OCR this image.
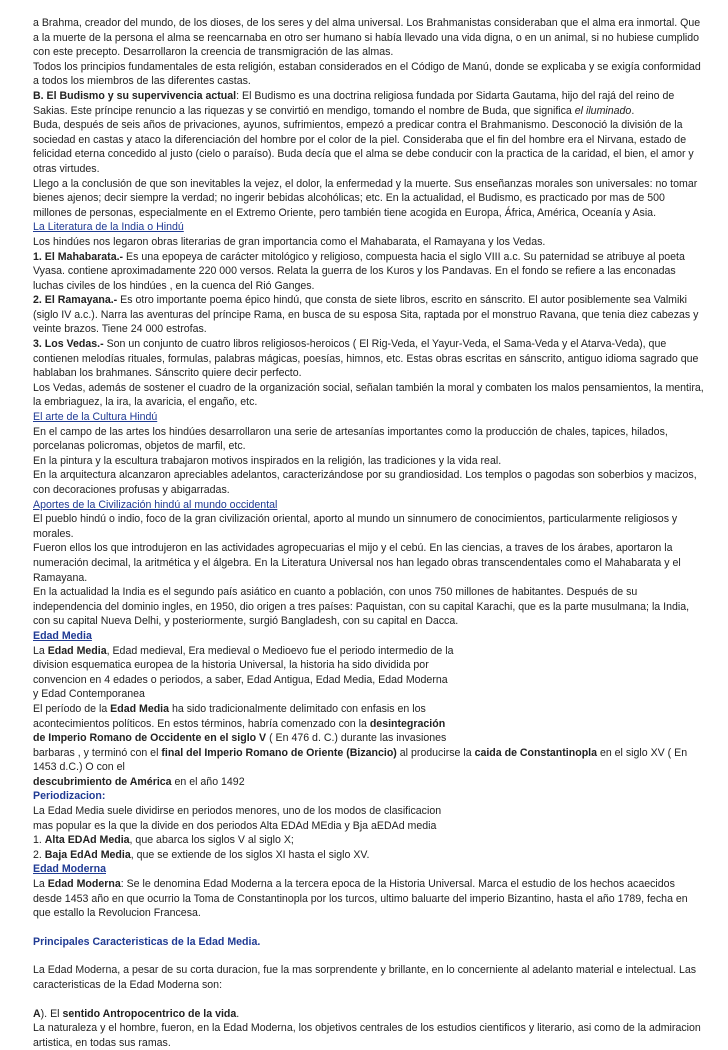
a Brahma, creador del mundo, de los dioses, de los seres y del alma universal. Los Brahmanistas consideraban que el alma era inmortal. Que a la muerte de la persona el alma se reencarnaba en otro ser humano si había llevado una vida digna, o en un animal, si no hubiese cumplido con este precepto. Desarrollaron la creencia de transmigración de las almas.

Todos los principios fundamentales de esta religión, estaban considerados en el Código de Manú, donde se explicaba y se exigía conformidad a todos los miembros de las diferentes castas.

B. El Budismo y su supervivencia actual: El Budismo es una doctrina religiosa fundada por Sidarta Gautama, hijo del rajá del reino de Sakias. Este príncipe renuncio a las riquezas y se convirtió en mendigo, tomando el nombre de Buda, que significa el iluminado.

Buda, después de seis años de privaciones, ayunos, sufrimientos, empezó a predicar contra el Brahmanismo. Desconoció la división de la sociedad en castas y ataco la diferenciación del hombre por el color de la piel. Consideraba que el fin del hombre era el Nirvana, estado de felicidad eterna concedido al justo (cielo o paraíso). Buda decía que el alma se debe conducir con la practica de la caridad, el bien, el amor y otras virtudes.

Llego a la conclusión de que son inevitables la vejez, el dolor, la enfermedad y la muerte. Sus enseñanzas morales son universales: no tomar bienes ajenos; decir siempre la verdad; no ingerir bebidas alcohólicas; etc. En la actualidad, el Budismo, es practicado por mas de 500 millones de personas, especialmente en el Extremo Oriente, pero también tiene acogida en Europa, África, América, Oceanía y Asia.

La Literatura de la India o Hindú

Los hindúes nos legaron obras literarias de gran importancia como el Mahabarata, el Ramayana y los Vedas.

1. El Mahabarata.- Es una epopeya de carácter mitológico y religioso, compuesta hacia el siglo VIII a.c. Su paternidad se atribuye al poeta Vyasa. contiene aproximadamente 220 000 versos. Relata la guerra de los Kuros y los Pandavas. En el fondo se refiere a las enconadas luchas civiles de los hindúes , en la cuenca del Rió Ganges.

2. El Ramayana.- Es otro importante poema épico hindú, que consta de siete libros, escrito en sánscrito. El autor posiblemente sea Valmiki (siglo IV a.c.). Narra las aventuras del príncipe Rama, en busca de su esposa Sita, raptada por el monstruo Ravana, que tenia diez cabezas y veinte brazos. Tiene 24 000 estrofas.

3. Los Vedas.- Son un conjunto de cuatro libros religiosos-heroicos ( El Rig-Veda, el Yayur-Veda, el Sama-Veda y el Atarva-Veda), que contienen melodías rituales, formulas, palabras mágicas, poesías, himnos, etc. Estas obras escritas en sánscrito, antiguo idioma sagrado que hablaban los brahmanes. Sánscrito quiere decir perfecto.

Los Vedas, además de sostener el cuadro de la organización social, señalan también la moral y combaten los malos pensamientos, la mentira, la embriaguez, la ira, la avaricia, el engaño, etc.

El arte de la Cultura Hindú

En el campo de las artes los hindúes desarrollaron una serie de artesanías importantes como la producción de chales, tapices, hilados, porcelanas policromas, objetos de marfil, etc.

En la pintura y la escultura trabajaron motivos inspirados en la religión, las tradiciones y la vida real.

En la arquitectura alcanzaron apreciables adelantos, caracterizándose por su grandiosidad. Los templos o pagodas son soberbios y macizos, con decoraciones profusas y abigarradas.

Aportes de la Civilización hindú al mundo occidental

El pueblo hindú o indio, foco de la gran civilización oriental, aporto al mundo un sinnumero de conocimientos, particularmente religiosos y morales.

Fueron ellos los que introdujeron en las actividades agropecuarias el mijo y el cebú. En las ciencias, a traves de los árabes, aportaron la numeración decimal, la aritmética y el álgebra. En la Literatura Universal nos han legado obras transcendentales como el Mahabarata y el Ramayana.

En la actualidad la India es el segundo país asiático en cuanto a población, con unos 750 millones de habitantes. Después de su independencia del dominio ingles, en 1950, dio origen a tres países: Paquistan, con su capital Karachi, que es la parte musulmana; la India, con su capital Nueva Delhi, y posteriormente, surgió Bangladesh, con su capital en Dacca.

Edad Media

La Edad Media, Edad medieval, Era medieval o Medioevo fue el periodo intermedio de la
division esquematica europea de la historia Universal, la historia ha sido dividida por
convencion en 4 edades o periodos, a saber, Edad Antigua, Edad Media, Edad Moderna
y Edad Contemporanea

El período de la Edad Media ha sido tradicionalmente delimitado con enfasis en los
acontecimientos políticos. En estos términos, habría comenzado con la desintegración
de Imperio Romano de Occidente en el siglo V ( En 476 d. C.) durante las invasiones
barbaras , y terminó con el final del Imperio Romano de Oriente (Bizancio) al producirse la caida de Constantinopla en el siglo XV ( En
1453 d.C.) O con el
descubrimiento de América en el año 1492

Periodizacion:

La Edad Media suele dividirse en periodos menores, uno de los modos de clasificacion
mas popular es la que la divide en dos periodos Alta EDAd MEdia y Bja aEDAd media

1. Alta EDAd Media, que abarca los siglos V al siglo X;

2. Baja EdAd Media, que se extiende de los siglos XI hasta el siglo XV.

Edad Moderna

La Edad Moderna: Se le denomina Edad Moderna a la tercera epoca de la Historia Universal. Marca el estudio de los hechos acaecidos desde 1453 año en que ocurrio la Toma de Constantinopla por los turcos, ultimo baluarte del imperio Bizantino, hasta el año 1789, fecha en que estallo la Revolucion Francesa.

Principales Caracteristicas de la Edad Media.

La Edad Moderna, a pesar de su corta duracion, fue la mas sorprendente y brillante, en lo concerniente al adelanto material e intelectual. Las caracteristicas de la Edad Moderna son:

A). El sentido Antropocentrico de la vida.

La naturaleza y el hombre, fueron, en la Edad Moderna, los objetivos centrales de los estudios cientificos y literario, asi como de la admiracion artistica, en todas sus ramas.
